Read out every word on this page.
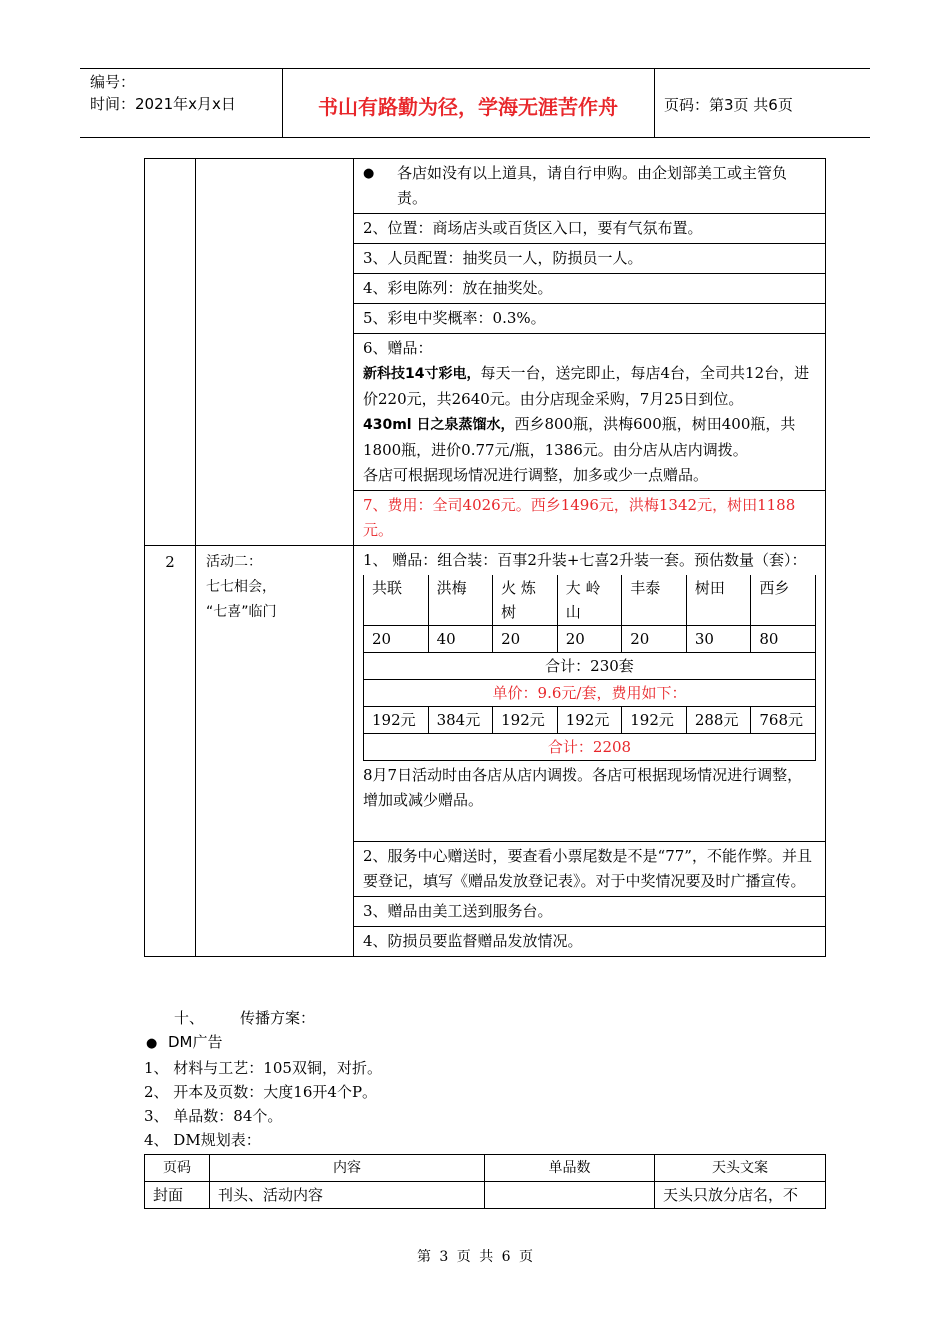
编号：
时间：2021年x月x日	书山有路勤为径，学海无涯苦作舟	页码：第3页 共6页

●	各店如没有以上道具，请自行申购。由企划部美工或主管负责。

2、位置：商场店头或百货区入口，要有气氛布置。
3、人员配置：抽奖员一人，防损员一人。
4、彩电陈列：放在抽奖处。
5、彩电中奖概率：0.3%。

6、赠品：
新科技14寸彩电，每天一台，送完即止，每店4台，全司共12台，进价220元，共2640元。由分店现金采购，7月25日到位。
430ml 日之泉蒸馏水，西乡800瓶，洪梅600瓶，树田400瓶，共1800瓶，进价0.77元/瓶，1386元。由分店从店内调拨。
各店可根据现场情况进行调整，加多或少一点赠品。

7、费用：全司4026元。西乡1496元，洪梅1342元，树田1188元。

2	活动二：
七七相会，
“七喜”临门

1、 赠品：组合装：百事2升装+七喜2升装一套。预估数量（套）：
共联	洪梅	火 炼 树	大 岭 山	丰泰	树田	西乡
20	40	20	20	20	30	80
合计：230套
单价：9.6元/套，费用如下：
192元	384元	192元	192元	192元	288元	768元
合计：2208
8月7日活动时由各店从店内调拨。各店可根据现场情况进行调整，增加或减少赠品。

2、服务中心赠送时，要查看小票尾数是不是“77”，不能作弊。并且要登记，填写《赠品发放登记表》。对于中奖情况要及时广播宣传。
3、赠品由美工送到服务台。
4、防损员要监督赠品发放情况。
十、 传播方案：
● DM广告
1、 材料与工艺：105双铜，对折。
2、 开本及页数：大度16开4个P。
3、 单品数：84个。
4、 DM规划表：
页码	内容	单品数	天头文案
封面	刊头、活动内容		天头只放分店名，不
第 3 页 共 6 页
